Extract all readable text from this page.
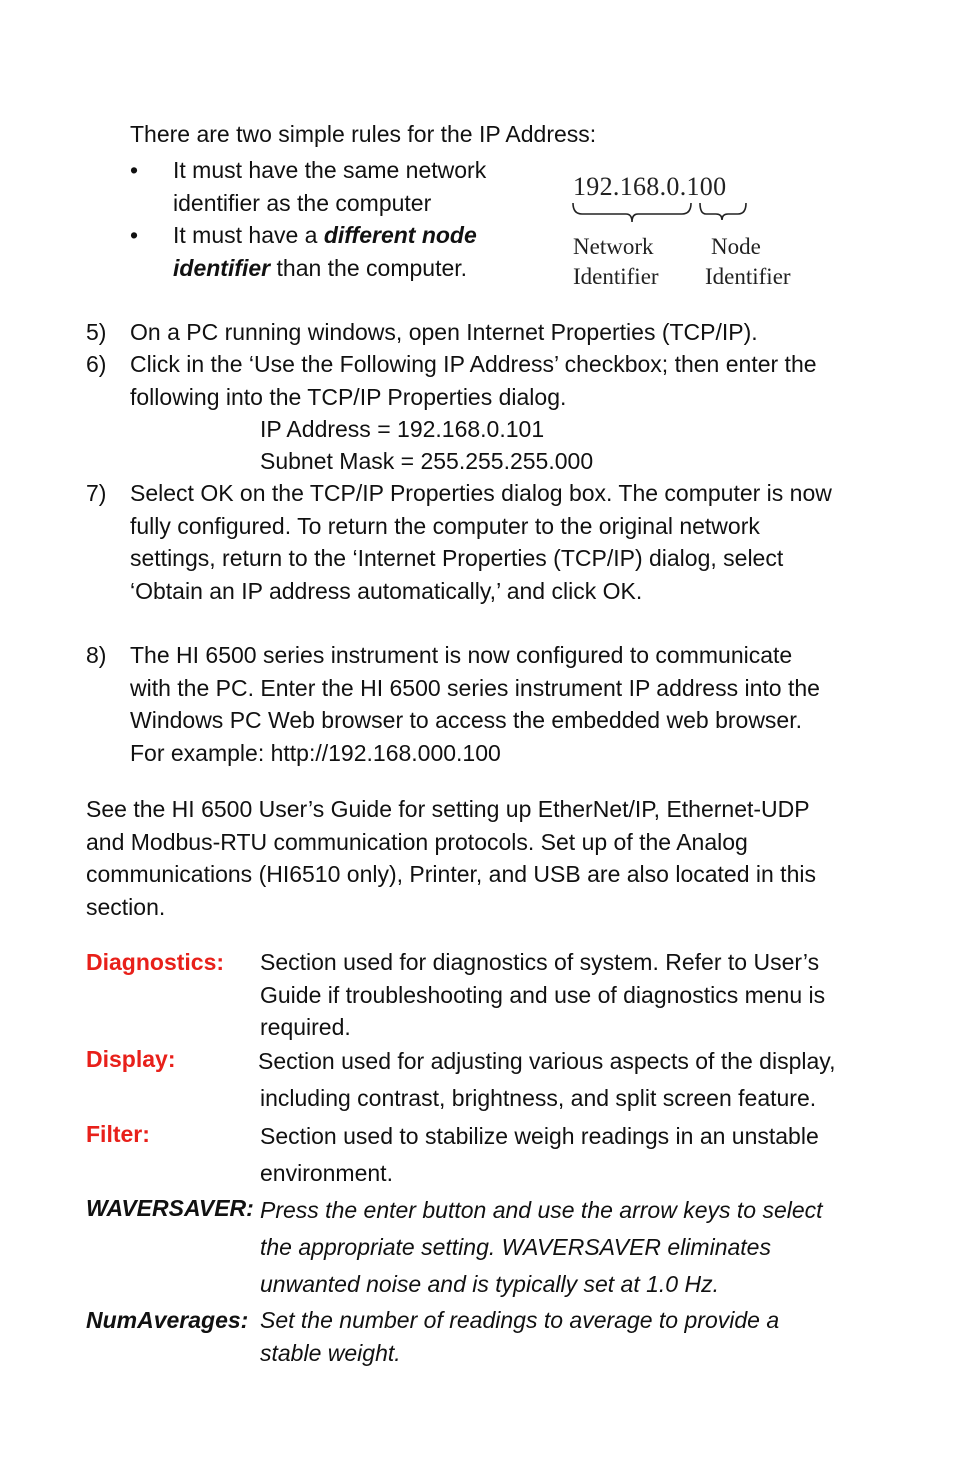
There are two simple rules for the IP Address:
•	It must have the same network
identifier as the computer
•	It must have a different node
identifier than the computer.
192.168.0.100
Network
Identifier
Node
Identifier
5) On a PC running windows, open Internet Properties (TCP/IP).
6) Click in the ‘Use the Following IP Address’ checkbox; then enter the
following into the TCP/IP Properties dialog.
IP Address = 192.168.0.101
Subnet Mask = 255.255.255.000
7) Select OK on the TCP/IP Properties dialog box. The computer is now
fully configured. To return the computer to the original network
settings, return to the ‘Internet Properties (TCP/IP) dialog, select
‘Obtain an IP address automatically,’ and click OK.
8) The HI 6500 series instrument is now configured to communicate
with the PC. Enter the HI 6500 series instrument IP address into the
Windows PC Web browser to access the embedded web browser.
For example: http://192.168.000.100
See the HI 6500 User’s Guide for setting up EtherNet/IP, Ethernet-UDP
and Modbus-RTU communication protocols. Set up of the Analog
communications (HI6510 only), Printer, and USB are also located in this
section.
Diagnostics: Section used for diagnostics of system. Refer to User’s
Guide if troubleshooting and use of diagnostics menu is
required.
Display:	Section used for adjusting various aspects of the display,
including contrast, brightness, and split screen feature.
Filter:	Section used to stabilize weigh readings in an unstable
environment.
WAVERSAVER: Press the enter button and use the arrow keys to select
the appropriate setting. WAVERSAVER eliminates
unwanted noise and is typically set at 1.0 Hz.
NumAverages: Set the number of readings to average to provide a
stable weight.
